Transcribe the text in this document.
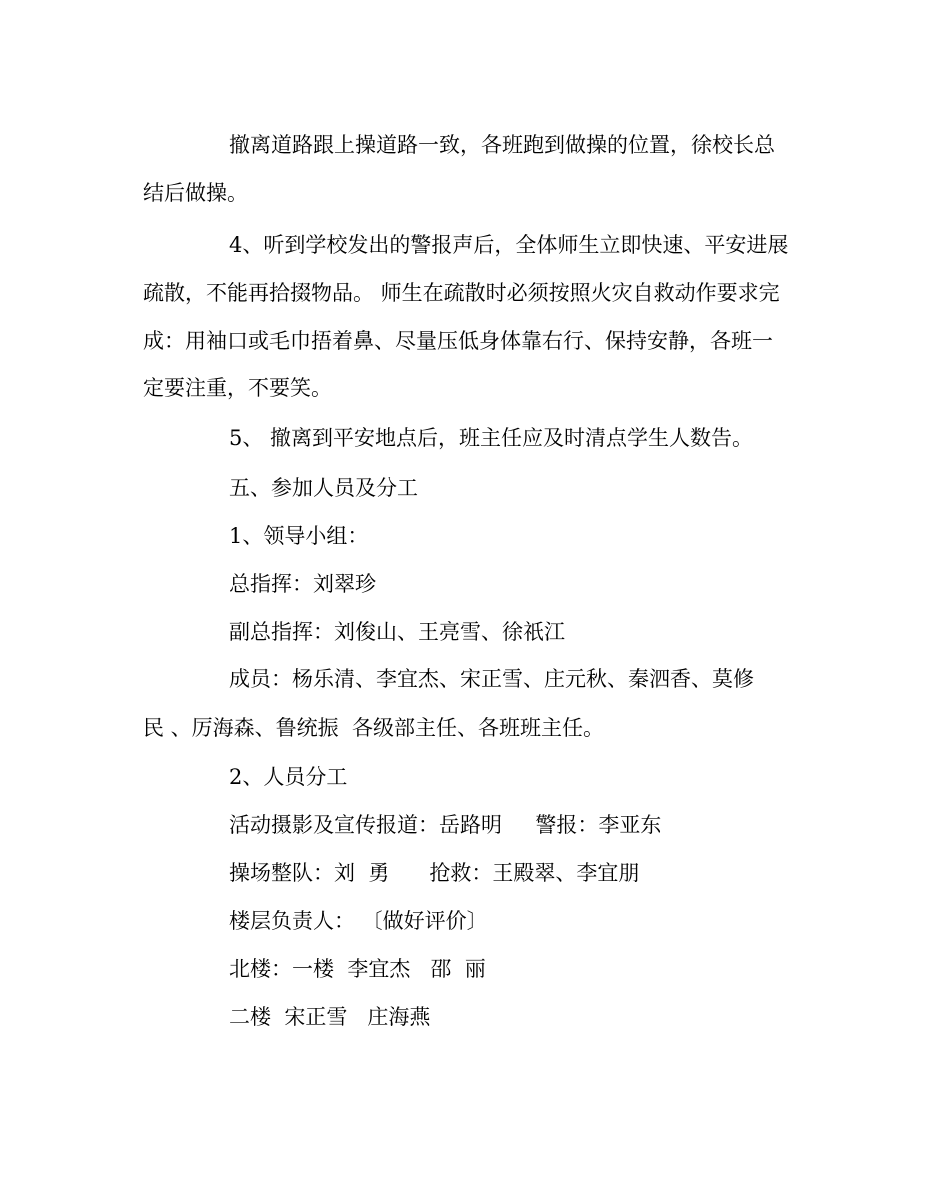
撤离道路跟上操道路一致，各班跑到做操的位置，徐校长总
结后做操。
4、听到学校发出的警报声后，全体师生立即快速、平安进展
疏散，不能再拾掇物品。 师生在疏散时必须按照火灾自救动作要求完
成：用袖口或毛巾捂着鼻、尽量压低身体靠右行、保持安静，各班一
定要注重，不要笑。
5、 撤离到平安地点后，班主任应及时清点学生人数告。
五、参加人员及分工
1、领导小组：
总指挥：刘翠珍
副总指挥：刘俊山、王亮雪、徐祇江
成员：杨乐清、李宜杰、宋正雪、庄元秋、秦泗香、莫修
民 、厉海森、鲁统振  各级部主任、各班班主任。
2、人员分工
活动摄影及宣传报道：岳路明     警报：李亚东
操场整队：刘  勇      抢救：王殿翠、李宜朋
楼层负责人： 〔做好评价〕
北楼：一楼  李宜杰   邵  丽
二楼  宋正雪   庄海燕
